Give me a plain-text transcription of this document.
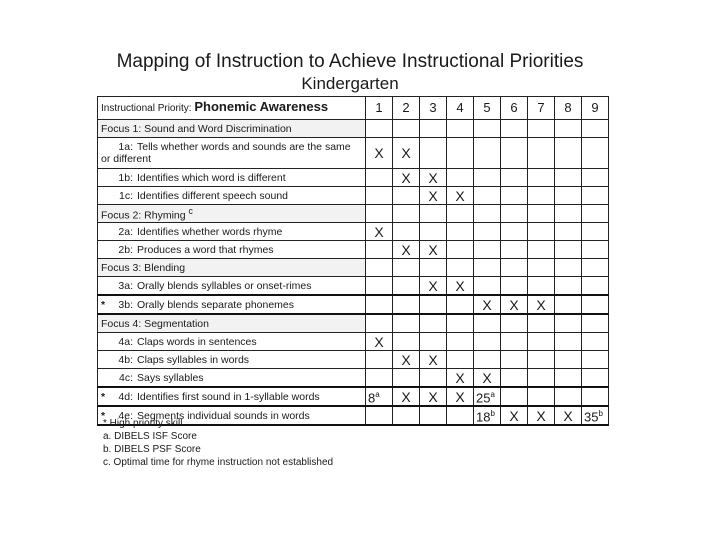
Mapping of Instruction to Achieve Instructional Priorities
Kindergarten
Instructional Priority: Phonemic Awareness	1	2	3	4	5	6	7	8	9
Focus 1: Sound and Word Discrimination									
1a: Tells whether words and sounds are the same or different	X	X							
1b: Identifies which word is different		X	X						
1c: Identifies different speech sound			X	X					
Focus 2: Rhyming $^c$									
2a: Identifies whether words rhyme	X								
2b: Produces a word that rhymes		X	X						
Focus 3: Blending									
3a: Orally blends syllables or onset-rimes			X	X					
* 3b: Orally blends separate phonemes					X	X	X		
Focus 4: Segmentation									
4a: Claps words in sentences	X								
4b: Claps syllables in words		X	X						
4c: Says syllables				X	X				
* 4d: Identifies first sound in 1-syllable words	8$^a$	X	X	X	25$^a$				
* 4e: Segments individual sounds in words					18$^b$	X	X	X	35$^b$
* High priority skill
a. DIBELS ISF Score
b. DIBELS PSF Score
c. Optimal time for rhyme instruction not established
